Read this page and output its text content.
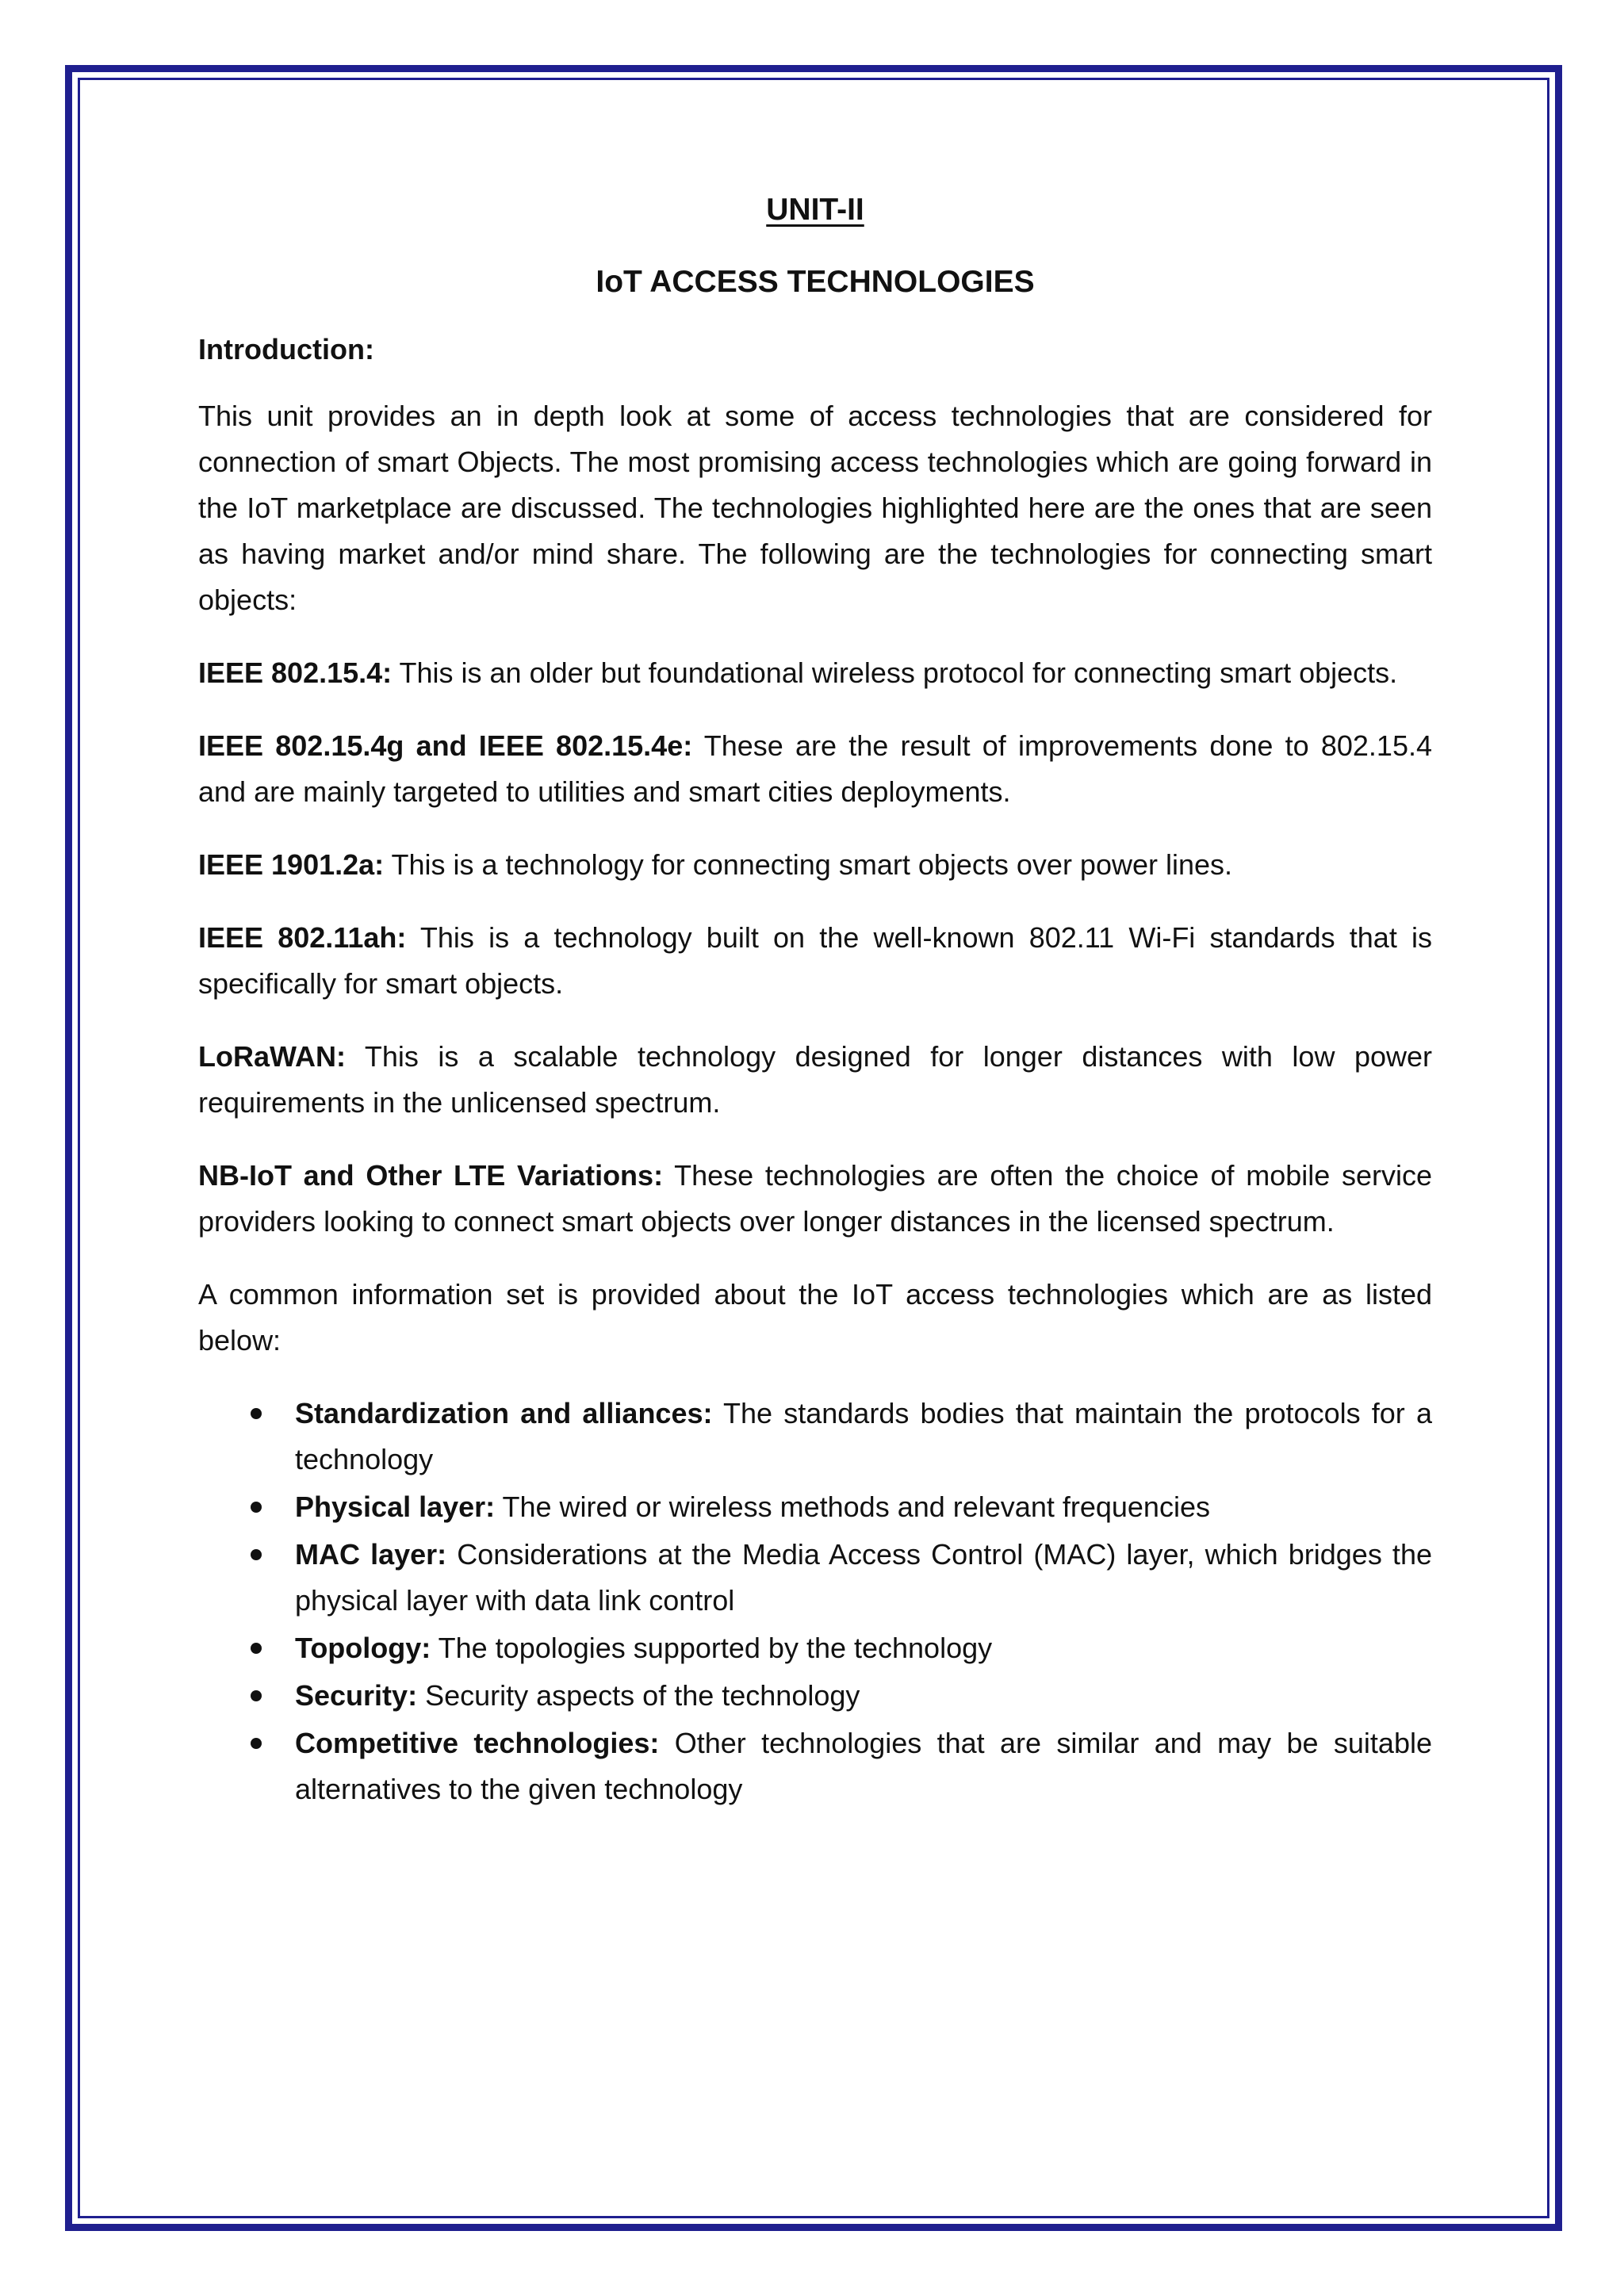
UNIT-II
IoT ACCESS TECHNOLOGIES
Introduction:

This unit provides an in depth look at some of access technologies that are considered for connection of smart Objects. The most promising access technologies which are going forward in the IoT marketplace are discussed. The technologies highlighted here are the ones that are seen as having market and/or mind share. The following are the technologies for connecting smart objects:

IEEE 802.15.4: This is an older but foundational wireless protocol for connecting smart objects.

IEEE 802.15.4g and IEEE 802.15.4e: These are the result of improvements done to 802.15.4 and are mainly targeted to utilities and smart cities deployments.

IEEE 1901.2a: This is a technology for connecting smart objects over power lines.

IEEE 802.11ah: This is a technology built on the well-known 802.11 Wi-Fi standards that is specifically for smart objects.

LoRaWAN: This is a scalable technology designed for longer distances with low power requirements in the unlicensed spectrum.

NB-IoT and Other LTE Variations: These technologies are often the choice of mobile service providers looking to connect smart objects over longer distances in the licensed spectrum.

A common information set is provided about the IoT access technologies which are as listed below:

Standardization and alliances: The standards bodies that maintain the protocols for a technology
Physical layer: The wired or wireless methods and relevant frequencies
MAC layer: Considerations at the Media Access Control (MAC) layer, which bridges the physical layer with data link control
Topology: The topologies supported by the technology
Security: Security aspects of the technology
Competitive technologies: Other technologies that are similar and may be suitable alternatives to the given technology
